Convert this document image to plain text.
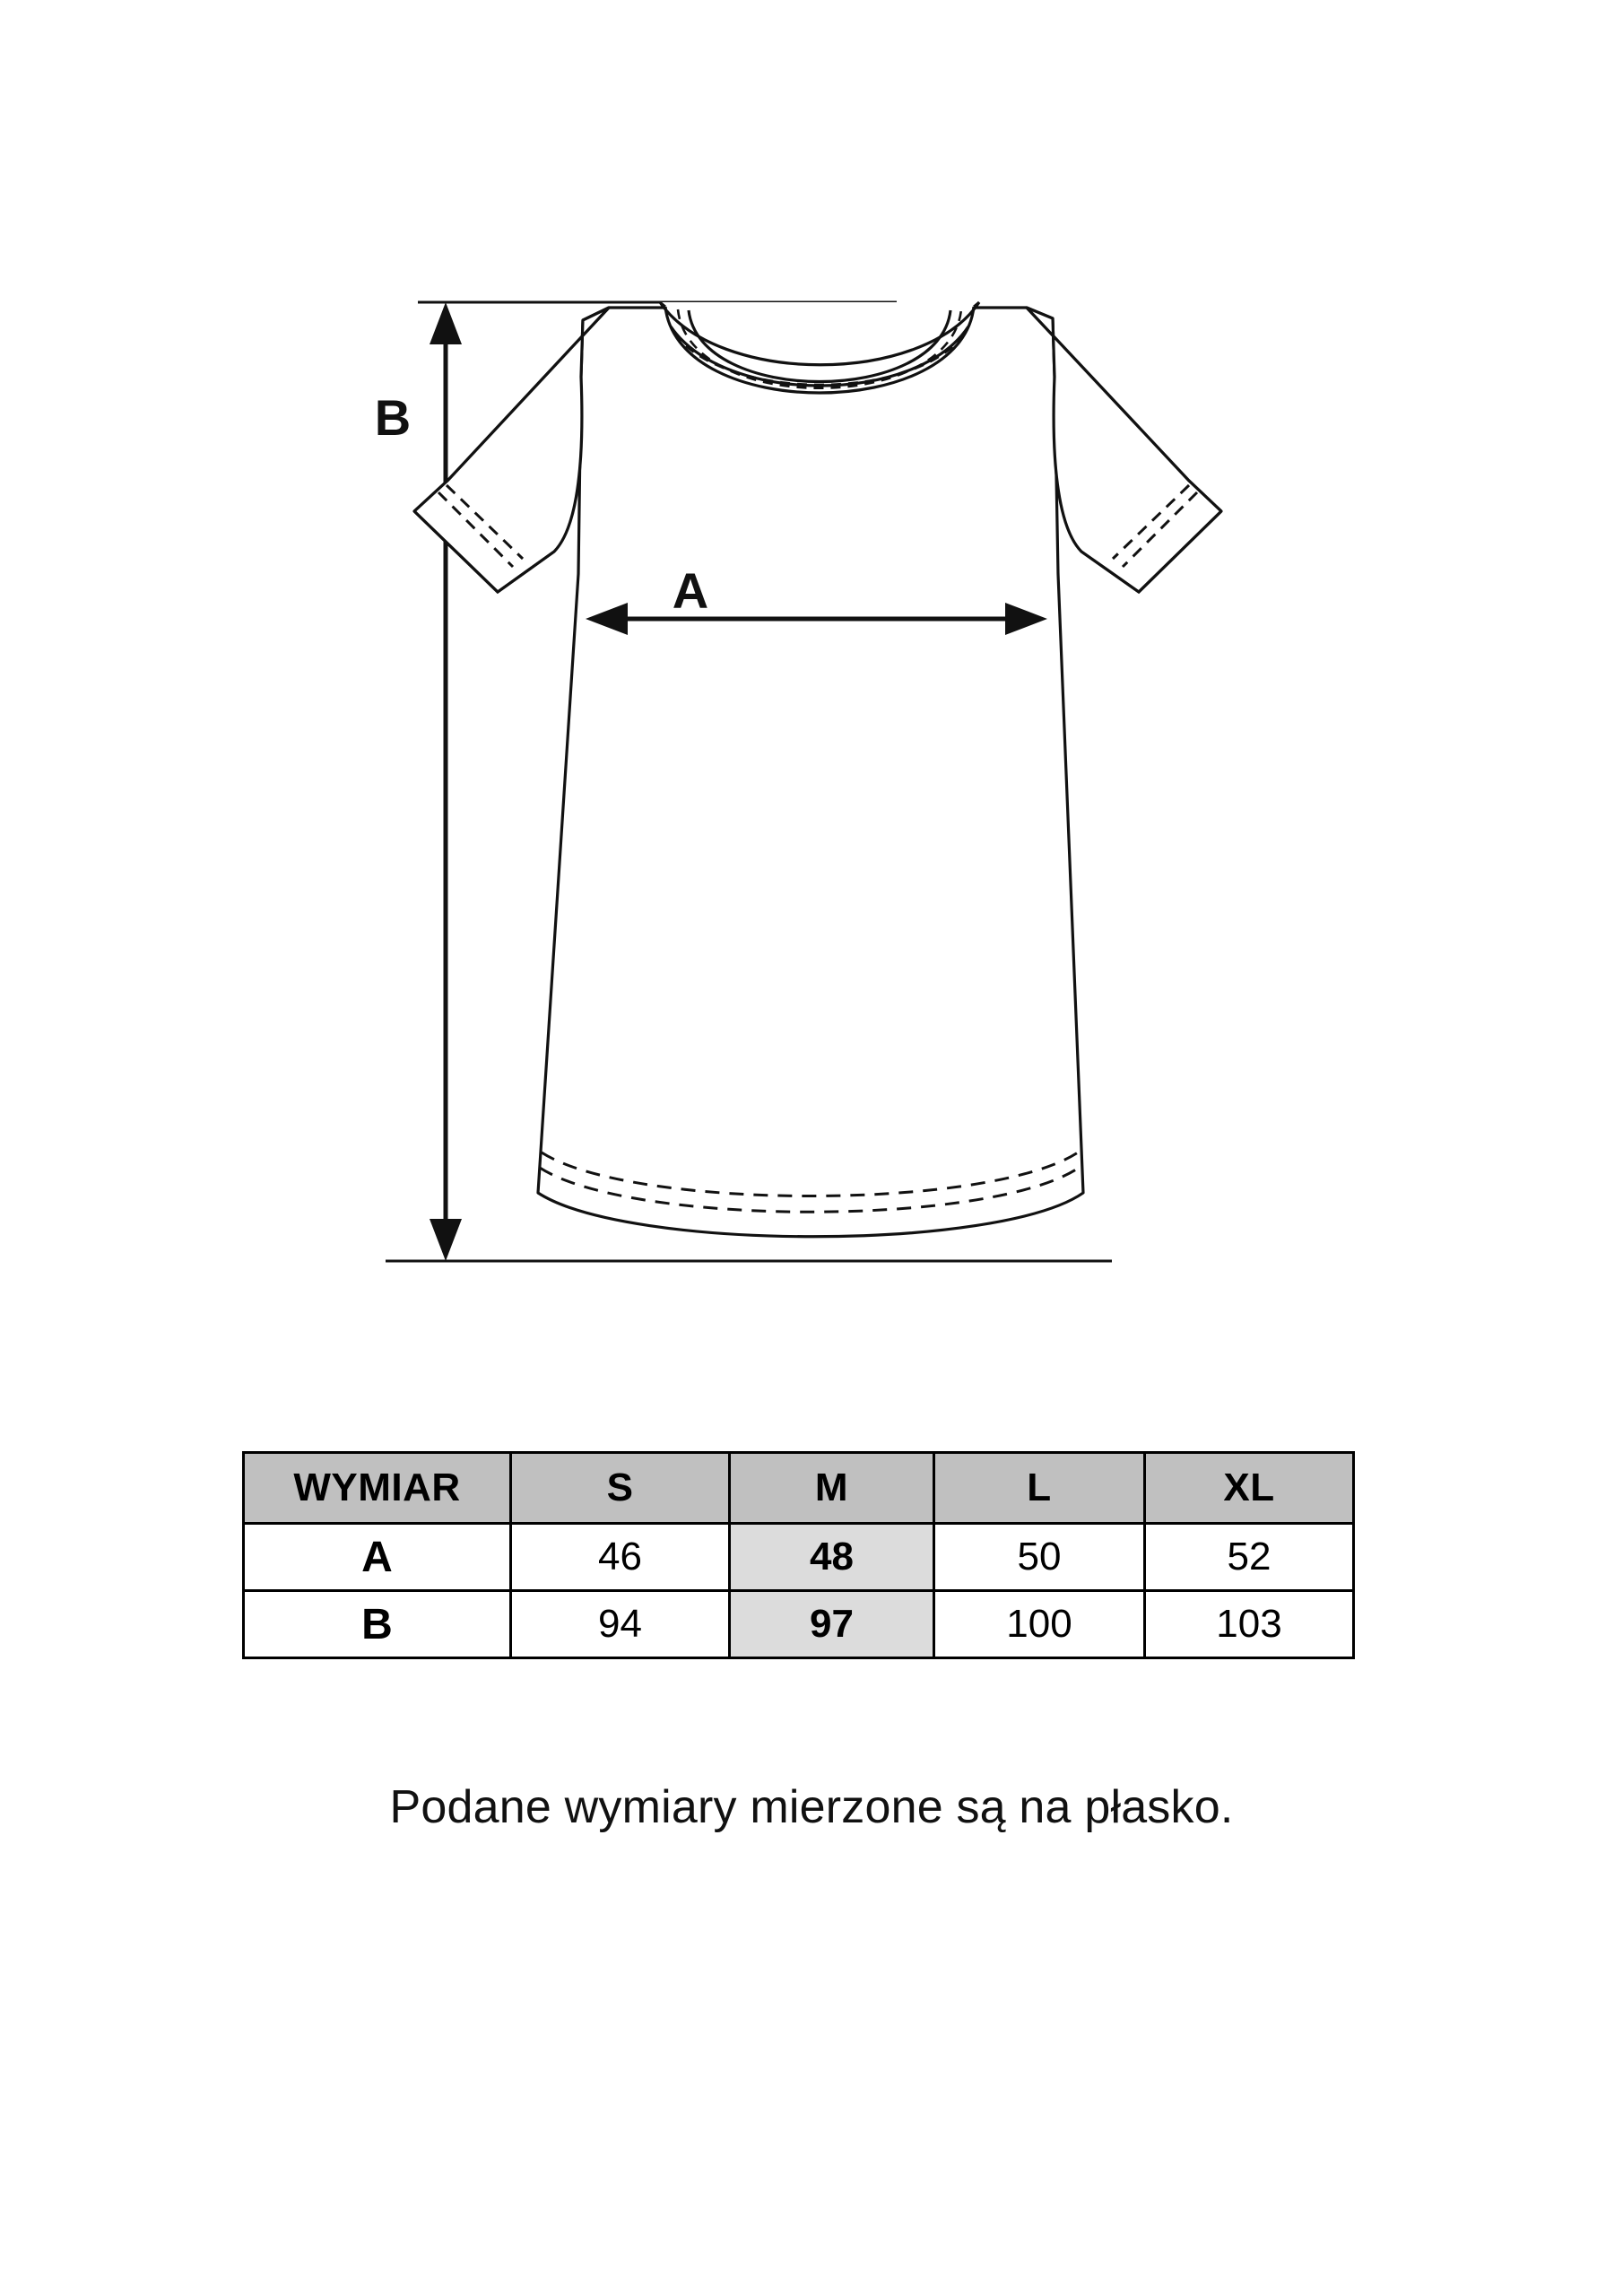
B
A
WYMIAR	S	M	L	XL
A	46	48	50	52
B	94	97	100	103
Podane wymiary mierzone są na płasko.
